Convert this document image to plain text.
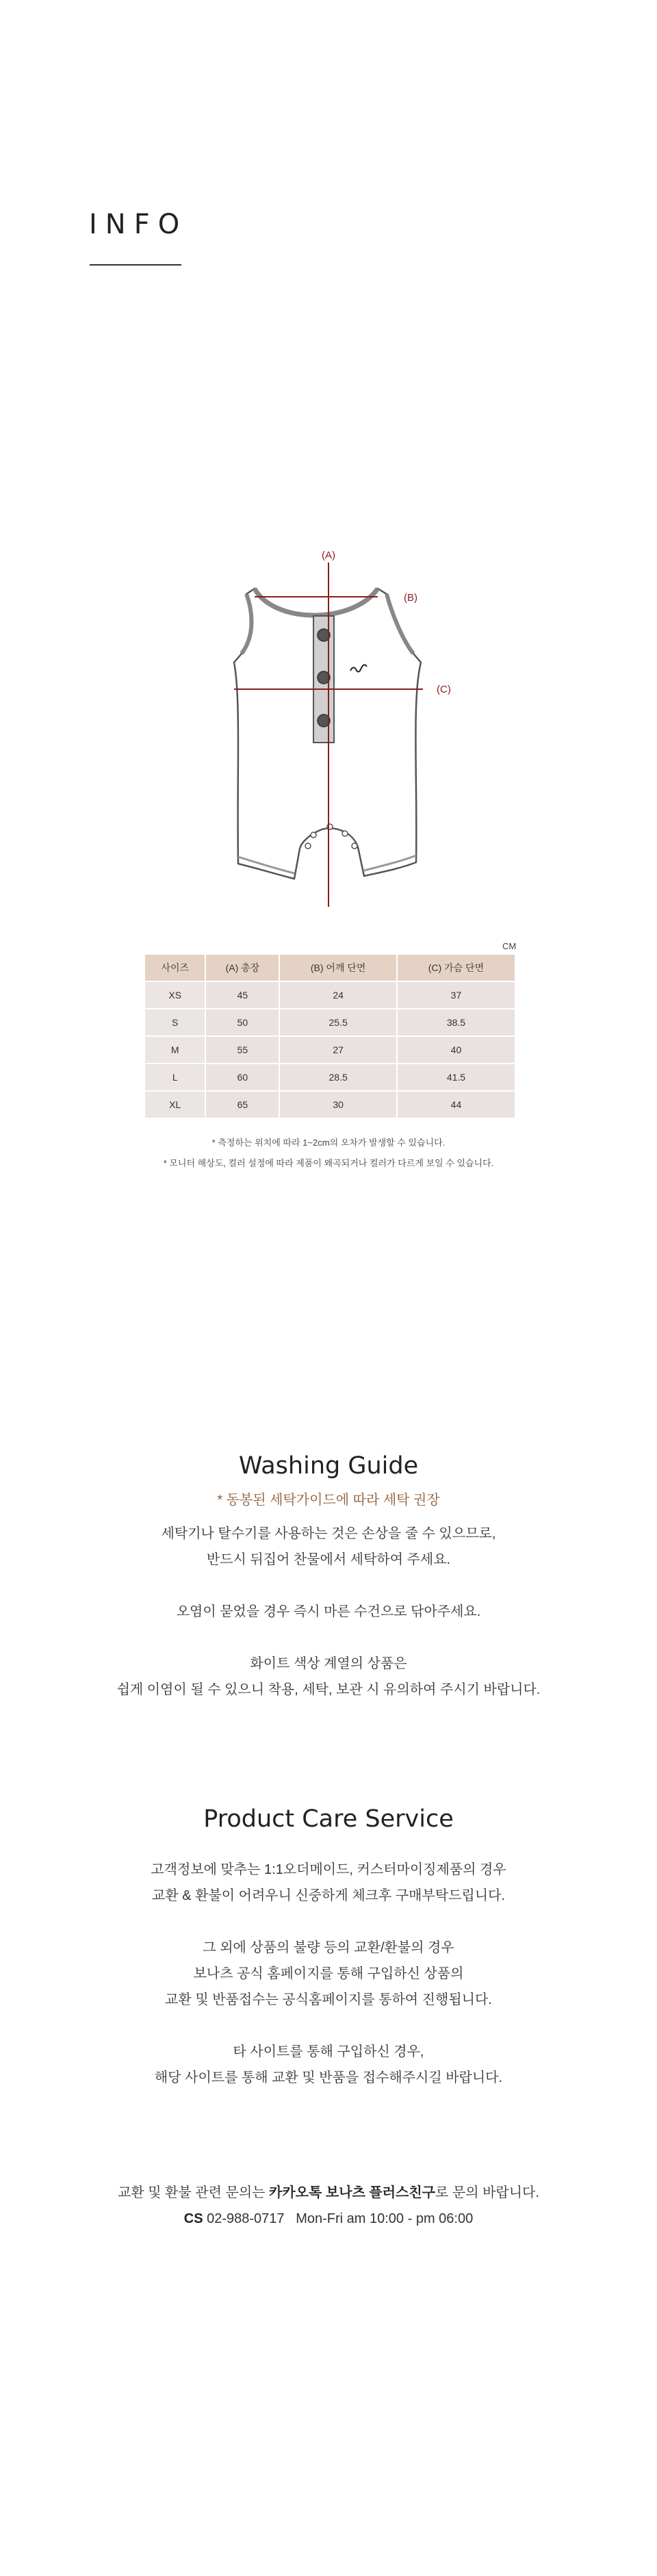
INFO
(A)
(B)
(C)
CM
사이즈	(A) 총장	(B) 어깨 단면	(C) 가슴 단면
XS	45	24	37
S	50	25.5	38.5
M	55	27	40
L	60	28.5	41.5
XL	65	30	44
* 측정하는 위치에 따라 1~2cm의 오차가 발생할 수 있습니다.
* 모니터 해상도, 컬러 설정에 따라 제품이 왜곡되거나 컬러가 다르게 보일 수 있습니다.
Washing Guide
* 동봉된 세탁가이드에 따라 세탁 권장

세탁기나 탈수기를 사용하는 것은 손상을 줄 수 있으므로,

반드시 뒤집어 찬물에서 세탁하여 주세요.

오염이 묻었을 경우 즉시 마른 수건으로 닦아주세요.

화이트 색상 계열의 상품은

쉽게 이염이 될 수 있으니 착용, 세탁, 보관 시 유의하여 주시기 바랍니다.

Product Care Service

고객정보에 맞추는 1:1오더메이드, 커스터마이징제품의 경우

교환 & 환불이 어려우니 신중하게 체크후 구매부탁드립니다.

그 외에 상품의 불량 등의 교환/환불의 경우

보나츠 공식 홈페이지를 통해 구입하신 상품의

교환 및 반품접수는 공식홈페이지를 통하여 진행됩니다.

타 사이트를 통해 구입하신 경우,

해당 사이트를 통해 교환 및 반품을 접수해주시길 바랍니다.

교환 및 환불 관련 문의는 카카오톡 보나츠 플러스친구로 문의 바랍니다.

CS 02-988-0717   Mon-Fri am 10:00 - pm 06:00
